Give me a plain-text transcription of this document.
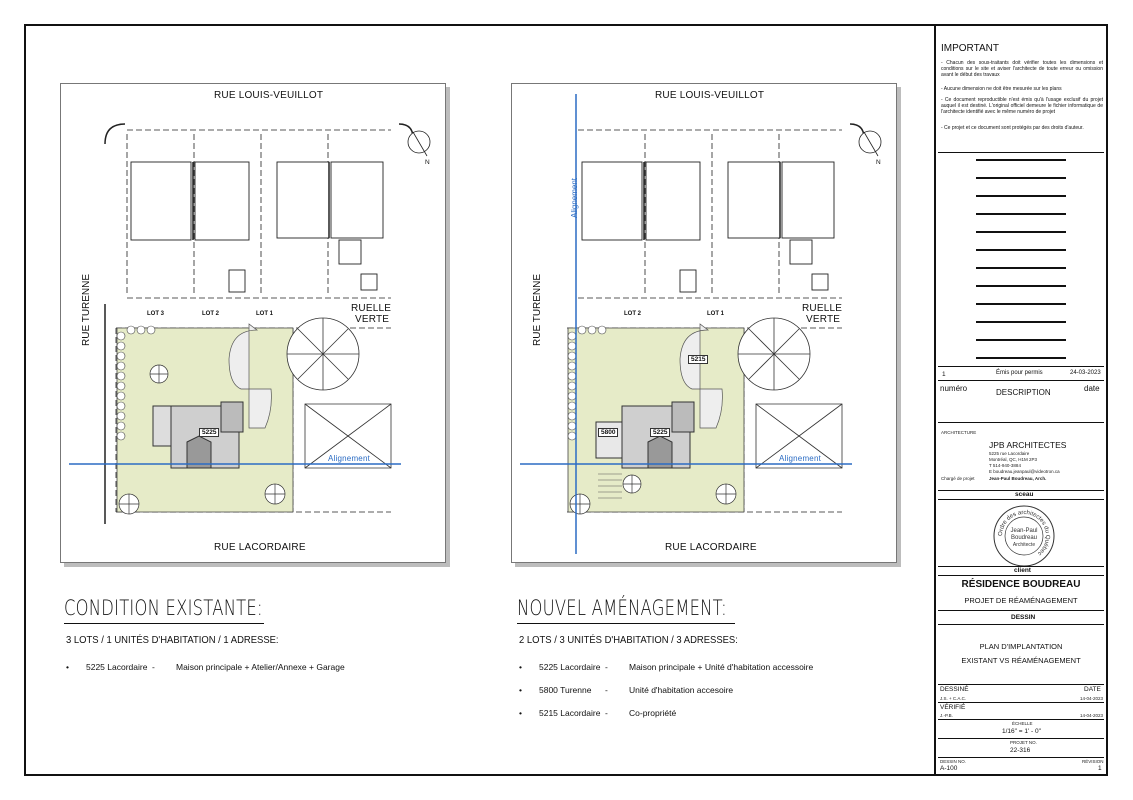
RUE LOUIS-VEUILLOT
RUE LACORDAIRE
RUE TURENNE	RUELLE
VERTE
LOT 3	LOT 2	LOT 1
5225
Alignement
N
RUE LOUIS-VEUILLOT
RUE LACORDAIRE
RUE TURENNE	RUELLE
VERTE
LOT 2	LOT 1
5800	5225
5215
Alignement
Alignement
N
CONDITION EXISTANTE:
3 LOTS / 1 UNITÉS D'HABITATION / 1 ADRESSE:
• 5225 Lacordaire - Maison principale + Atelier/Annexe + Garage
NOUVEL AMÉNAGEMENT:
2 LOTS / 3 UNITÉS D'HABITATION / 3 ADRESSES:
• 5225 Lacordaire - Maison principale + Unité d'habitation accessoire
• 5800 Turenne - Unité d'habitation accesoire
• 5215 Lacordaire - Co-propriété
IMPORTANT
- Chacun des sous-traitants doit vérifier toutes les dimensions et conditions sur le site et aviser l'architecte de toute erreur ou omission avant le début des travaux
- Aucune dimension ne doit être mesurée sur les plans
- Ce document reproductible n'est émis qu'à l'usage exclusif du projet auquel il est destiné. L'original officiel demeure le fichier informatique de l'architecte identifié avec le même numéro de projet
- Ce projet et ce document sont protégés par des droits d'auteur.
1	Émis pour permis	24-03-2023
numéro	DESCRIPTION	date
ARCHITECTURE
JPB ARCHITECTES
5225 rue Lacordaire
Montréal, QC, H1M 2P3
T 514-940-3884
E boudreau.jeanpaul@videotron.ca
Chargé de projet	Jean-Paul Boudreau, Arch.
sceau
Ordre des architectes du Québec
Jean-Paul
Boudreau
Architecte
client
RÉSIDENCE BOUDREAU
PROJET DE RÉAMÉNAGEMENT
DESSIN
PLAN D'IMPLANTATION
EXISTANT VS RÉAMÉNAGEMENT
DESSINÉ	DATE
J.S. + C.A.C.	14-04-2023
VÉRIFIÉ
J.-P.B.	14-04-2023
ÉCHELLE
1/16" = 1' - 0"
PROJET NO.
22-316
DESSIN NO.	RÉVISION
A-100	1
